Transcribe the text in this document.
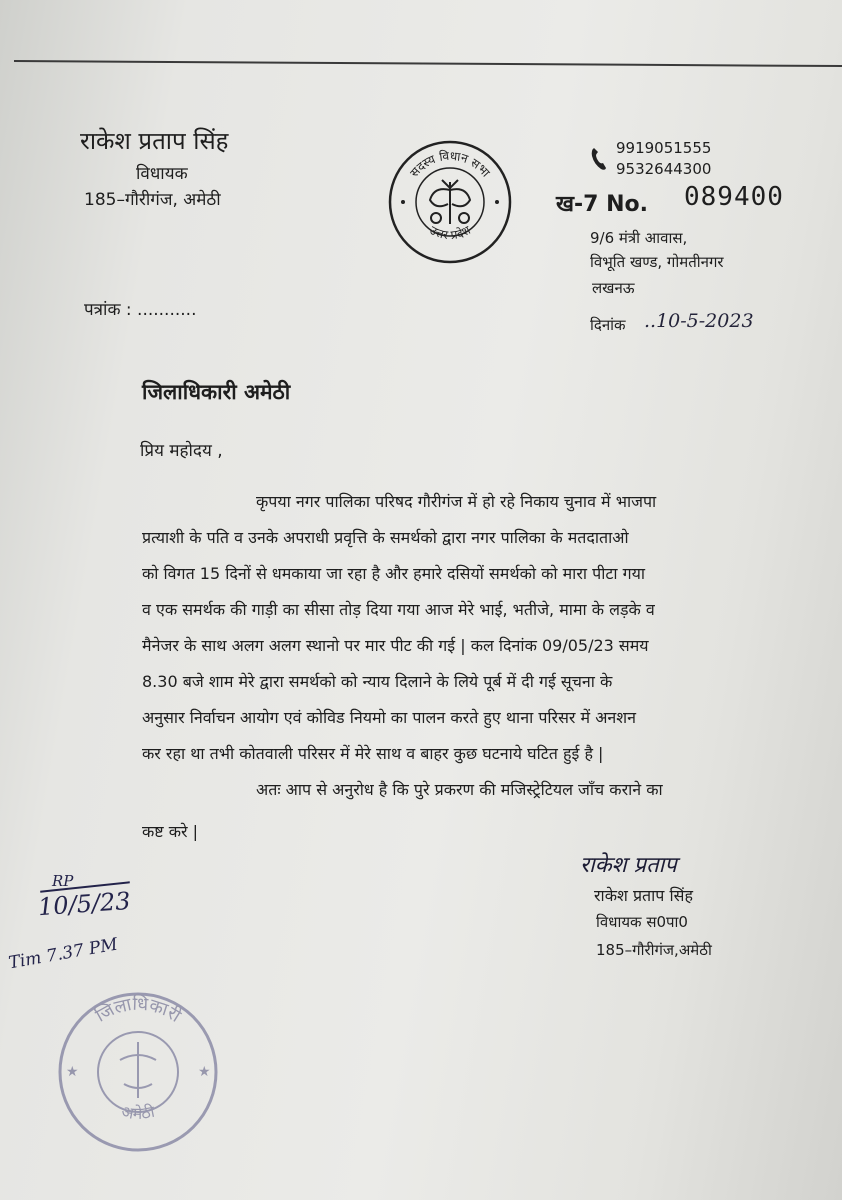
राकेश प्रताप सिंह
विधायक
185–गौरीगंज, अमेठी
पत्रांक : ...........
सदस्य विधान सभा
उत्तर प्रदेश
9919051555
9532644300
ख-7 No. 089400
9/6 मंत्री आवास,
विभूति खण्ड, गोमतीनगर
लखनऊ
दिनांक ..10-5-2023
जिलाधिकारी अमेठी
प्रिय महोदय ,
कृपया नगर पालिका परिषद गौरीगंज में हो रहे निकाय चुनाव में भाजपा
प्रत्याशी के पति व उनके अपराधी प्रवृत्ति के समर्थको द्वारा नगर पालिका के मतदाताओ
को विगत 15 दिनों से धमकाया जा रहा है और हमारे दसियों समर्थको को मारा पीटा गया
व एक समर्थक की गाड़ी का सीसा तोड़ दिया गया आज मेरे भाई, भतीजे, मामा के लड़के व
मैनेजर के साथ अलग अलग स्थानो पर मार पीट की गई | कल दिनांक 09/05/23 समय
8.30 बजे शाम मेरे द्वारा समर्थको को न्याय दिलाने के लिये पूर्ब में दी गई सूचना के
अनुसार निर्वाचन आयोग एवं कोविड नियमो का पालन करते हुए थाना परिसर में अनशन
कर रहा था तभी कोतवाली परिसर में मेरे साथ व बाहर कुछ घटनाये घटित हुई है |
अतः आप से अनुरोध है कि पुरे प्रकरण की मजिस्ट्रेटियल जाँच कराने का
कष्ट करे |
राकेश प्रताप
राकेश प्रताप सिंह
विधायक स0पा0
185–गौरीगंज,अमेठी
RP
10/5/23
Tim 7.37 PM
जिलाधिकारी
अमेठी
★	★
